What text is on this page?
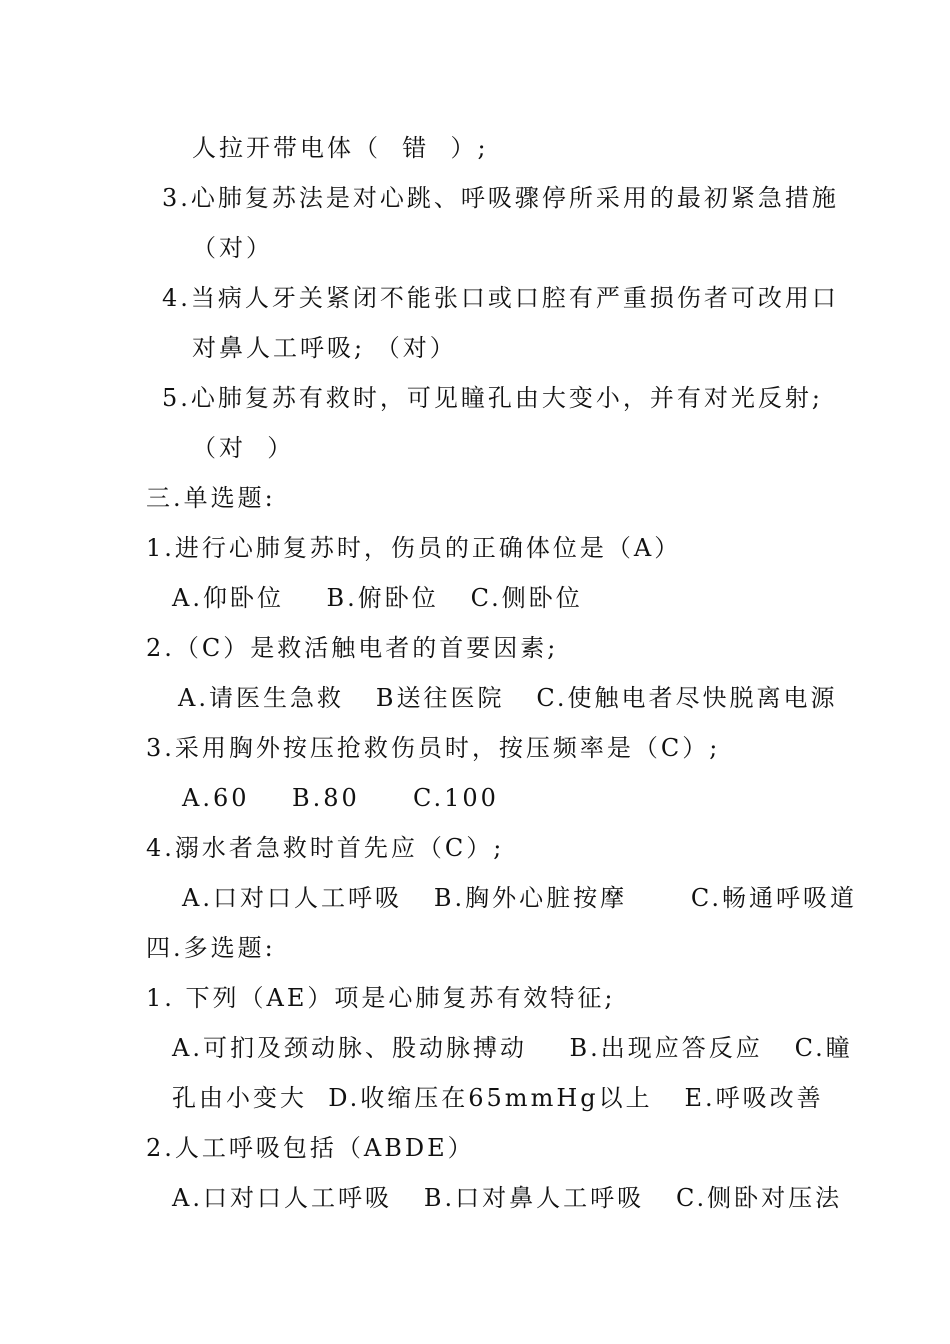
人拉开带电体（  错  ）;
3.心肺复苏法是对心跳、呼吸骤停所采用的最初紧急措施
（对）
4.当病人牙关紧闭不能张口或口腔有严重损伤者可改用口
对鼻人工呼吸; （对）
5.心肺复苏有救时，可见瞳孔由大变小，并有对光反射;
（对  ）
三.单选题:
1.进行心肺复苏时，伤员的正确体位是（A）
A.仰卧位    B.俯卧位   C.侧卧位
2.（C）是救活触电者的首要因素;
A.请医生急救   B送往医院   C.使触电者尽快脱离电源
3.采用胸外按压抢救伤员时，按压频率是（C）;
A.60    B.80     C.100
4.溺水者急救时首先应（C）;
A.口对口人工呼吸   B.胸外心脏按摩      C.畅通呼吸道
四.多选题:
1. 下列（AE）项是心肺复苏有效特征;
A.可扪及颈动脉、股动脉搏动    B.出现应答反应   C.瞳
孔由小变大  D.收缩压在65mmHg以上   E.呼吸改善
2.人工呼吸包括（ABDE）
A.口对口人工呼吸   B.口对鼻人工呼吸   C.侧卧对压法
